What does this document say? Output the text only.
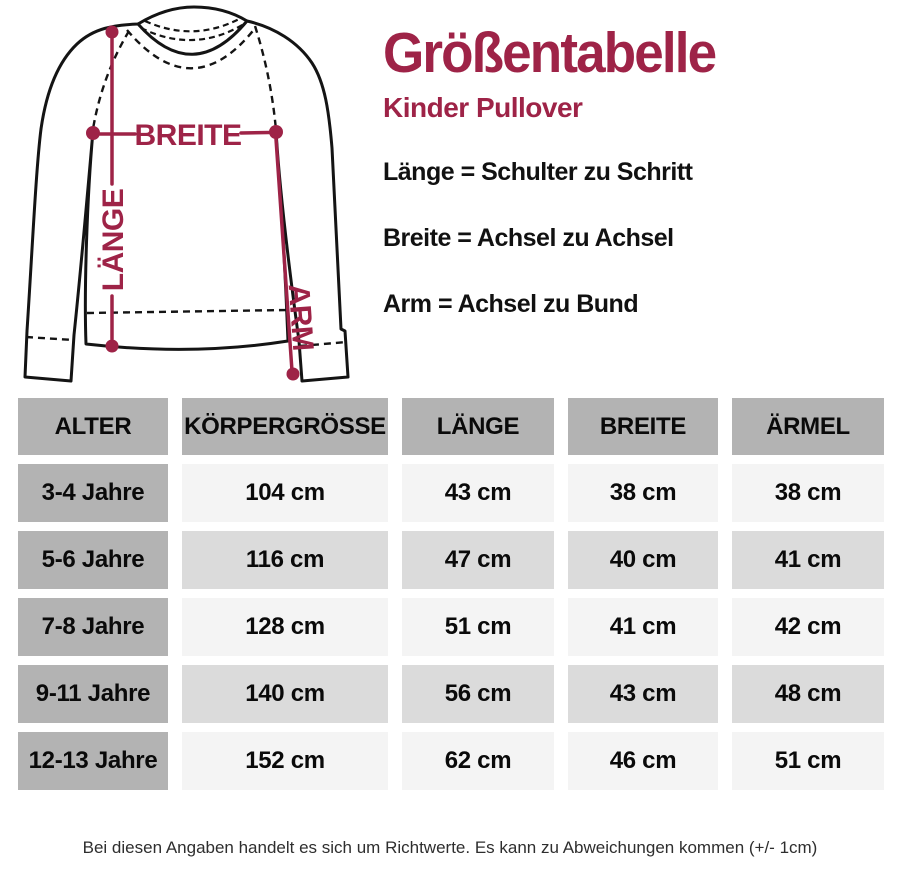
LÄNGE
BREITE
ARM
Größentabelle
Kinder Pullover
Länge = Schulter zu Schritt
Breite = Achsel zu Achsel
Arm = Achsel zu Bund
ALTER	KÖRPERGRÖSSE	LÄNGE	BREITE	ÄRMEL
3-4 Jahre	104 cm	43 cm	38 cm	38 cm
5-6 Jahre	116 cm	47 cm	40 cm	41 cm
7-8 Jahre	128 cm	51 cm	41 cm	42 cm
9-11 Jahre	140 cm	56 cm	43 cm	48 cm
12-13 Jahre	152 cm	62 cm	46 cm	51 cm
Bei diesen Angaben handelt es sich um Richtwerte. Es kann zu Abweichungen kommen (+/- 1cm)
